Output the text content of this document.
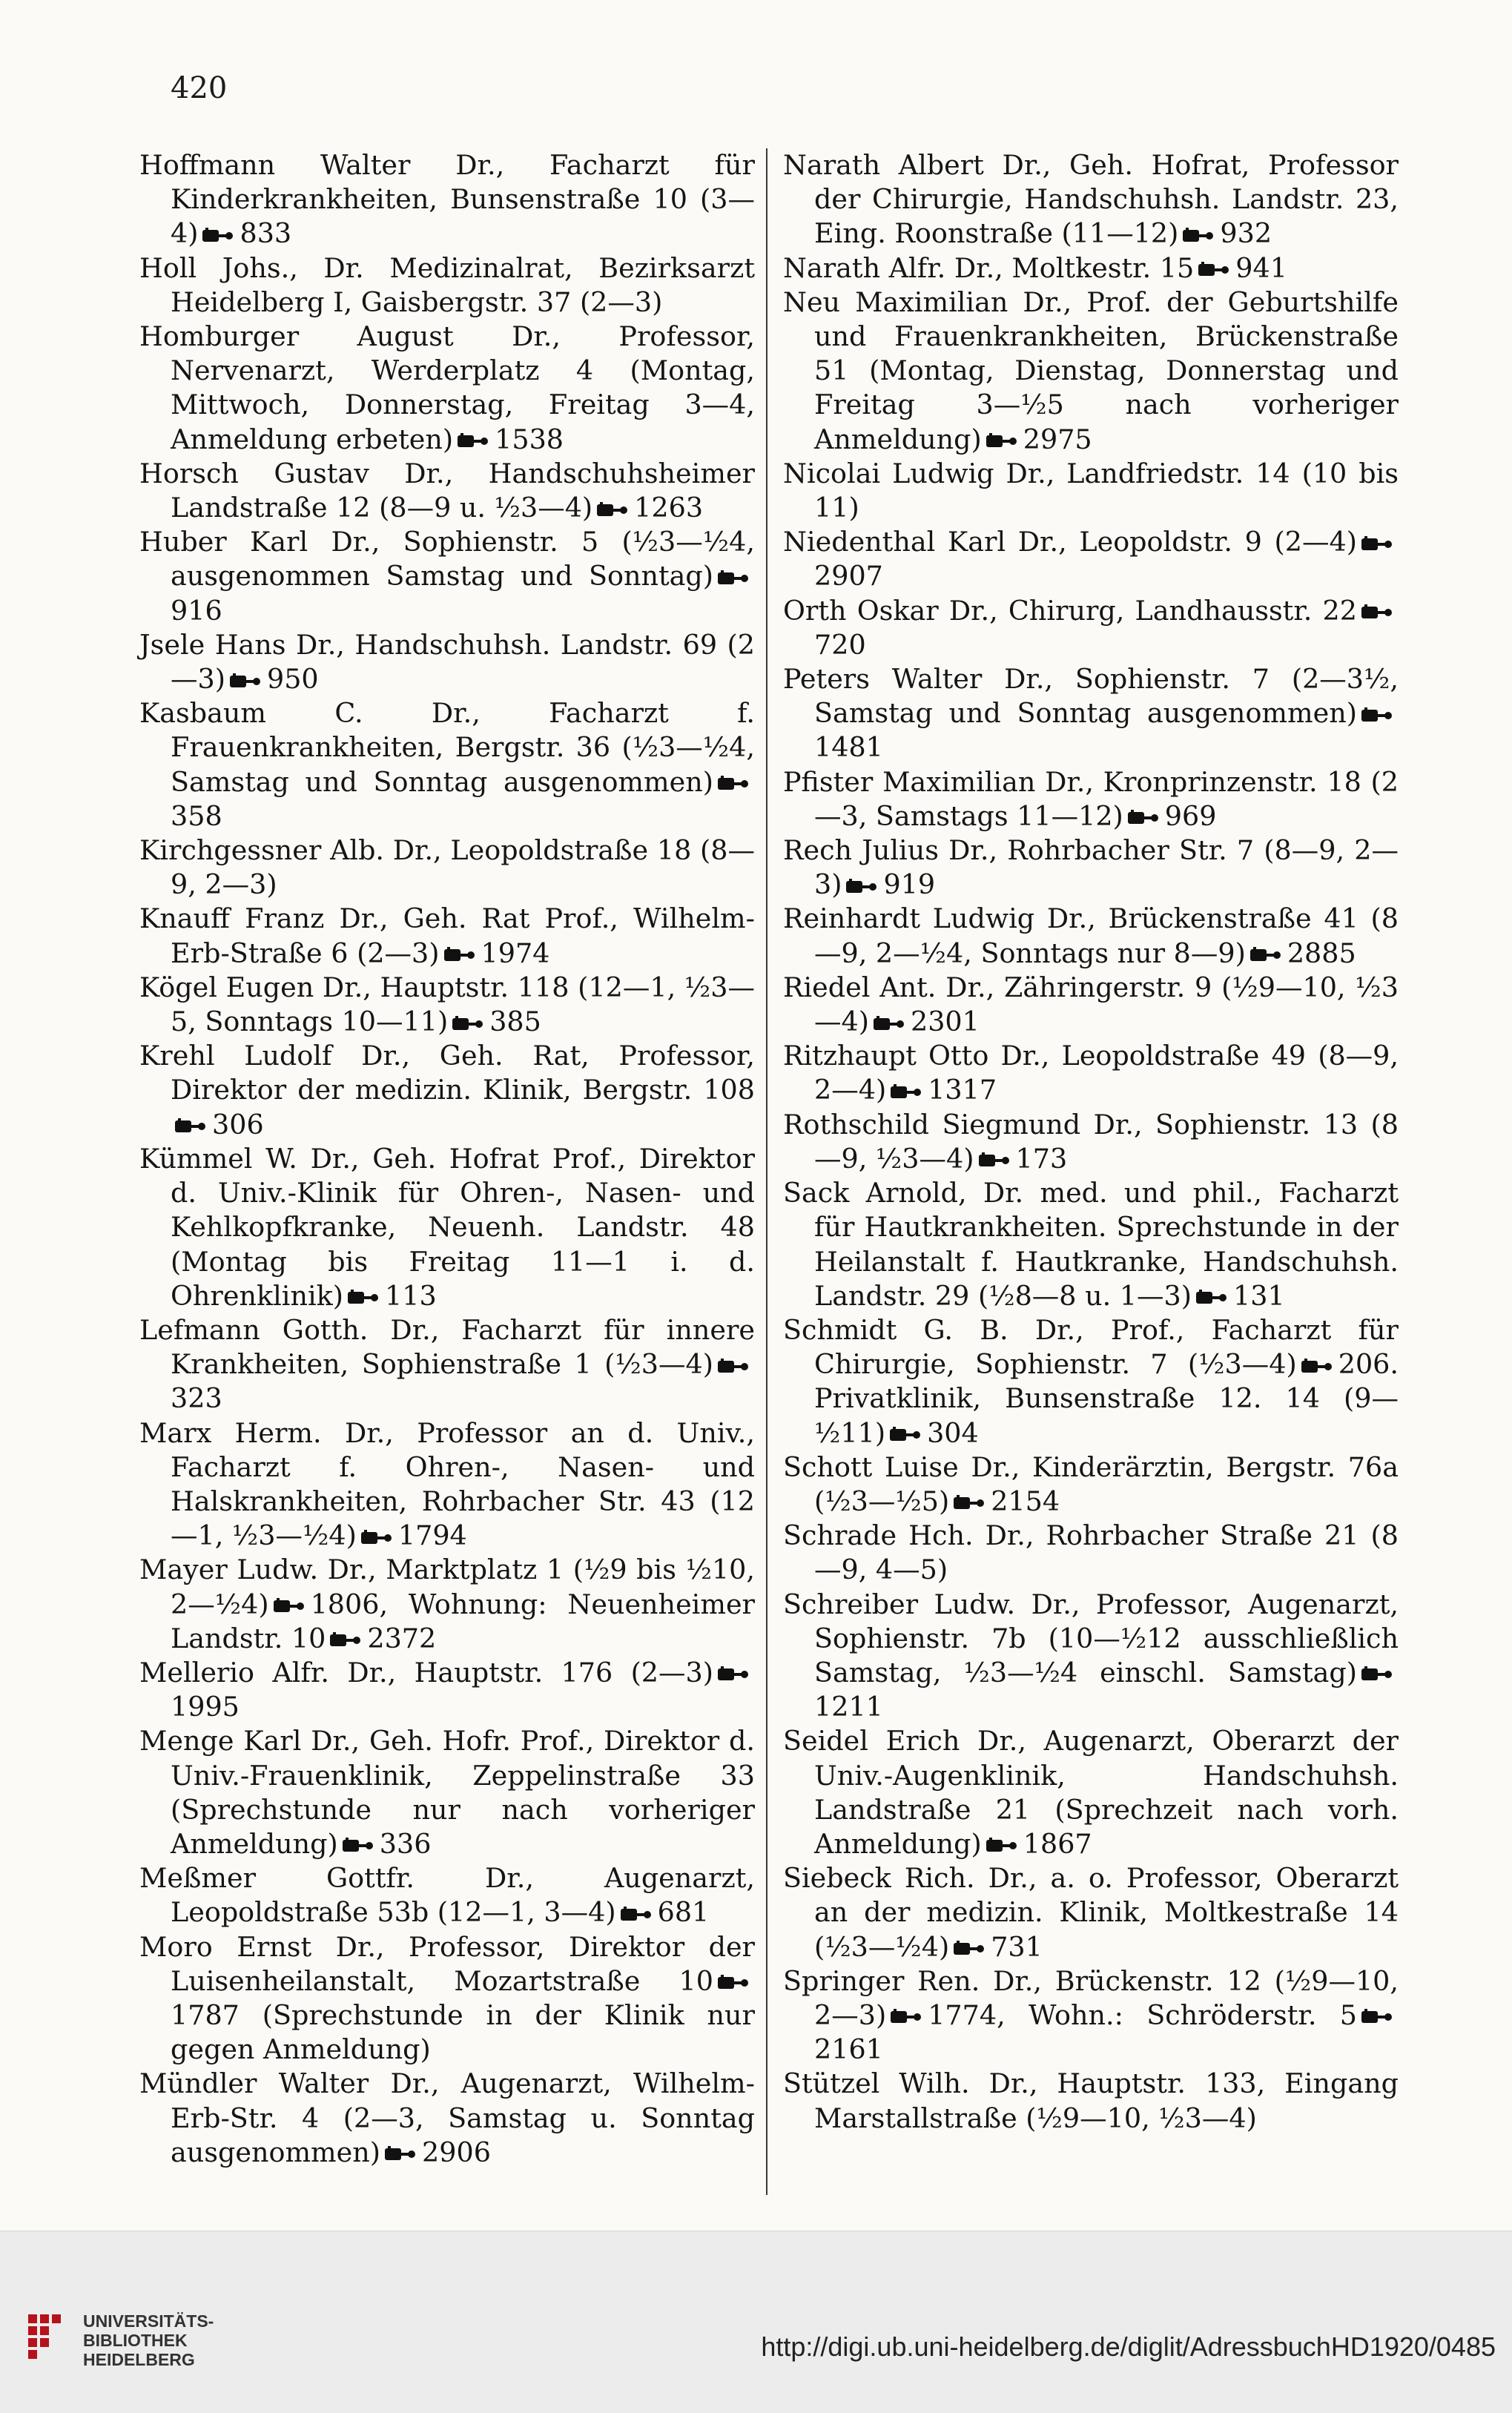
420

Hoffmann Walter Dr., Facharzt für Kinderkrankheiten, Bunsenstraße 10 (3—4) 833

Holl Johs., Dr. Medizinalrat, Bezirksarzt Heidelberg I, Gaisbergstr. 37 (2—3)

Homburger August Dr., Professor, Nervenarzt, Werderplatz 4 (Montag, Mittwoch, Donnerstag, Freitag 3—4, Anmeldung erbeten) 1538

Horsch Gustav Dr., Handschuhsheimer Landstraße 12 (8—9 u. ½3—4) 1263

Huber Karl Dr., Sophienstr. 5 (½3—½4, ausgenommen Samstag und Sonntag)916

Jsele Hans Dr., Handschuhsh. Landstr. 69 (2—3) 950

Kasbaum C. Dr., Facharzt f. Frauenkrankheiten, Bergstr. 36 (½3—½4, Samstag und Sonntag ausgenommen)358

Kirchgessner Alb. Dr., Leopoldstraße 18 (8—9, 2—3)

Knauff Franz Dr., Geh. Rat Prof., Wilhelm-Erb-Straße 6 (2—3) 1974

Kögel Eugen Dr., Hauptstr. 118 (12—1, ½3—5, Sonntags 10—11) 385

Krehl Ludolf Dr., Geh. Rat, Professor, Direktor der medizin. Klinik, Bergstr. 108306

Kümmel W. Dr., Geh. Hofrat Prof., Direktor d. Univ.-Klinik für Ohren-, Nasen- und Kehlkopfkranke, Neuenh. Landstr. 48 (Montag bis Freitag 11—1 i. d. Ohrenklinik) 113

Lefmann Gotth. Dr., Facharzt für innere Krankheiten, Sophienstraße 1 (½3—4)323

Marx Herm. Dr., Professor an d. Univ., Facharzt f. Ohren-, Nasen- und Halskrankheiten, Rohrbacher Str. 43 (12—1, ½3—½4) 1794

Mayer Ludw. Dr., Marktplatz 1 (½9 bis ½10, 2—½4) 1806, Wohnung: Neuenheimer Landstr. 10 2372

Mellerio Alfr. Dr., Hauptstr. 176 (2—3)1995

Menge Karl Dr., Geh. Hofr. Prof., Direktor d. Univ.-Frauenklinik, Zeppelinstraße 33 (Sprechstunde nur nach vorheriger Anmeldung) 336

Meßmer Gottfr. Dr., Augenarzt, Leopoldstraße 53b (12—1, 3—4) 681

Moro Ernst Dr., Professor, Direktor der Luisenheilanstalt, Mozartstraße 101787 (Sprechstunde in der Klinik nur gegen Anmeldung)

Mündler Walter Dr., Augenarzt, Wilhelm-Erb-Str. 4 (2—3, Samstag u. Sonntag ausgenommen) 2906

Narath Albert Dr., Geh. Hofrat, Professor der Chirurgie, Handschuhsh. Landstr. 23, Eing. Roonstraße (11—12) 932

Narath Alfr. Dr., Moltkestr. 15 941

Neu Maximilian Dr., Prof. der Geburtshilfe und Frauenkrankheiten, Brückenstraße 51 (Montag, Dienstag, Donnerstag und Freitag 3—½5 nach vorheriger Anmeldung) 2975

Nicolai Ludwig Dr., Landfriedstr. 14 (10 bis 11)

Niedenthal Karl Dr., Leopoldstr. 9 (2—4)2907

Orth Oskar Dr., Chirurg, Landhausstr. 22720

Peters Walter Dr., Sophienstr. 7 (2—3½, Samstag und Sonntag ausgenommen)1481

Pfister Maximilian Dr., Kronprinzenstr. 18 (2—3, Samstags 11—12) 969

Rech Julius Dr., Rohrbacher Str. 7 (8—9, 2—3) 919

Reinhardt Ludwig Dr., Brückenstraße 41 (8—9, 2—½4, Sonntags nur 8—9) 2885

Riedel Ant. Dr., Zähringerstr. 9 (½9—10, ½3—4) 2301

Ritzhaupt Otto Dr., Leopoldstraße 49 (8—9, 2—4) 1317

Rothschild Siegmund Dr., Sophienstr. 13 (8—9, ½3—4) 173

Sack Arnold, Dr. med. und phil., Facharzt für Hautkrankheiten. Sprechstunde in der Heilanstalt f. Hautkranke, Handschuhsh. Landstr. 29 (½8—8 u. 1—3) 131

Schmidt G. B. Dr., Prof., Facharzt für Chirurgie, Sophienstr. 7 (½3—4) 206. Privatklinik, Bunsenstraße 12. 14 (9—½11) 304

Schott Luise Dr., Kinderärztin, Bergstr. 76a (½3—½5) 2154

Schrade Hch. Dr., Rohrbacher Straße 21 (8—9, 4—5)

Schreiber Ludw. Dr., Professor, Augenarzt, Sophienstr. 7b (10—½12 ausschließlich Samstag, ½3—½4 einschl. Samstag)1211

Seidel Erich Dr., Augenarzt, Oberarzt der Univ.-Augenklinik, Handschuhsh. Landstraße 21 (Sprechzeit nach vorh. Anmeldung) 1867

Siebeck Rich. Dr., a. o. Professor, Oberarzt an der medizin. Klinik, Moltkestraße 14 (½3—½4) 731

Springer Ren. Dr., Brückenstr. 12 (½9—10, 2—3) 1774, Wohn.: Schröderstr. 52161

Stützel Wilh. Dr., Hauptstr. 133, Eingang Marstallstraße (½9—10, ½3—4)

UNIVERSITÄTS-
BIBLIOTHEK
HEIDELBERG	http://digi.ub.uni-heidelberg.de/diglit/AdressbuchHD1920/0485
